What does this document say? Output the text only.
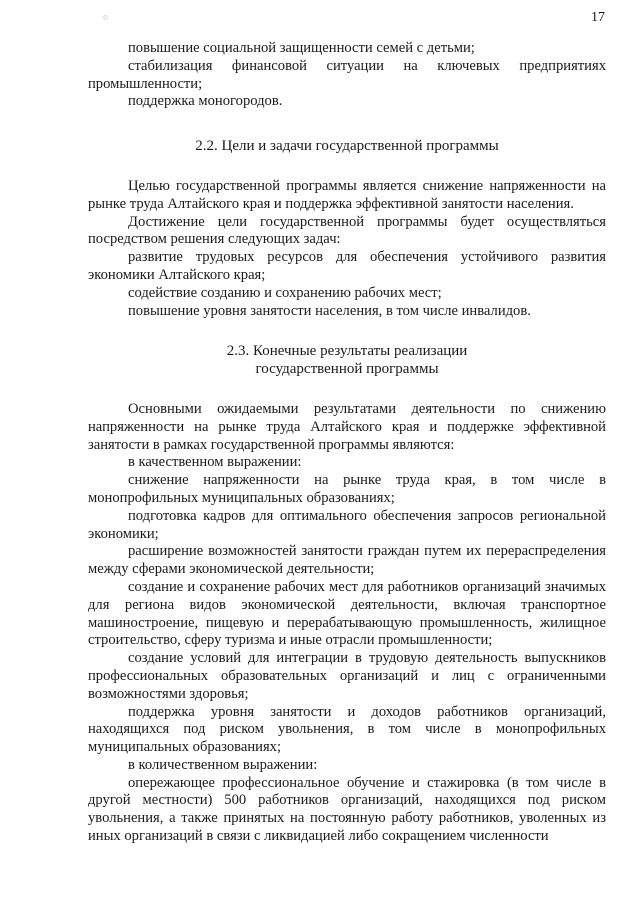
17
○
повышение социальной защищенности семей с детьми;
стабилизация финансовой ситуации на ключевых предприятиях промышленности;
поддержка моногородов.
2.2. Цели и задачи государственной программы
Целью государственной программы является снижение напряженности на рынке труда Алтайского края и поддержка эффективной занятости населения.
Достижение цели государственной программы будет осуществляться посредством решения следующих задач:
развитие трудовых ресурсов для обеспечения устойчивого развития экономики Алтайского края;
содействие созданию и сохранению рабочих мест;
повышение уровня занятости населения, в том числе инвалидов.
2.3. Конечные результаты реализации
государственной программы
Основными ожидаемыми результатами деятельности по снижению напряженности на рынке труда Алтайского края и поддержке эффективной занятости в рамках государственной программы являются:
в качественном выражении:
снижение напряженности на рынке труда края, в том числе в монопрофильных муниципальных образованиях;
подготовка кадров для оптимального обеспечения запросов региональной экономики;
расширение возможностей занятости граждан путем их перераспределения между сферами экономической деятельности;
создание и сохранение рабочих мест для работников организаций значимых для региона видов экономической деятельности, включая транспортное машиностроение, пищевую и перерабатывающую промышленность, жилищное строительство, сферу туризма и иные отрасли промышленности;
создание условий для интеграции в трудовую деятельность выпускников профессиональных образовательных организаций и лиц с ограниченными возможностями здоровья;
поддержка уровня занятости и доходов работников организаций, находящихся под риском увольнения, в том числе в монопрофильных муниципальных образованиях;
в количественном выражении:
опережающее профессиональное обучение и стажировка (в том числе в другой местности) 500 работников организаций, находящихся под риском увольнения, а также принятых на постоянную работу работников, уволенных из иных организаций в связи с ликвидацией либо сокращением численности
